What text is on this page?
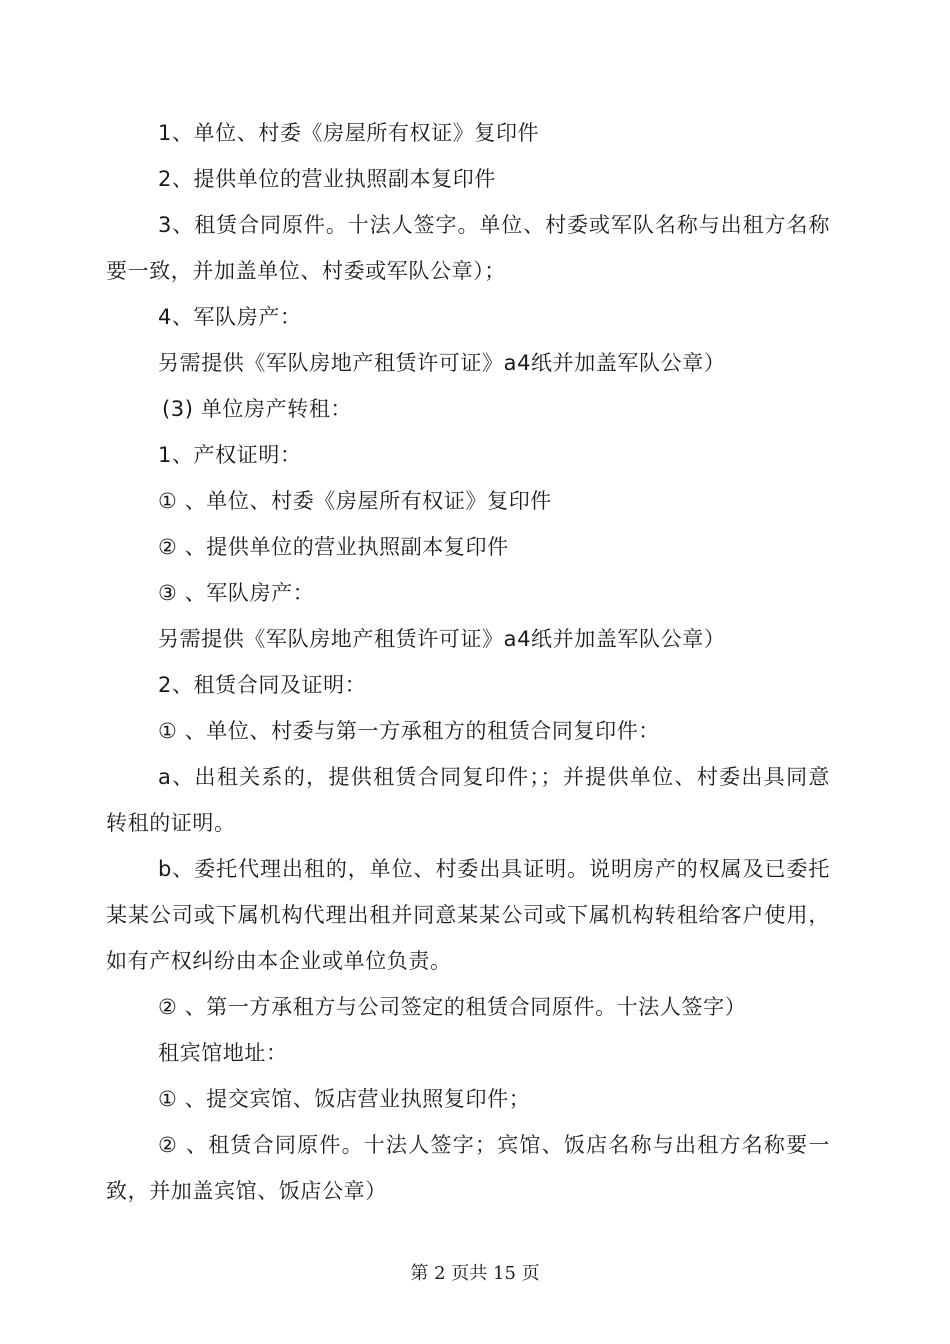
1、单位、村委《房屋所有权证》复印件

2、提供单位的营业执照副本复印件

3、租赁合同原件。十法人签字。单位、村委或军队名称与出租方名称要一致，并加盖单位、村委或军队公章）；

4、军队房产：

另需提供《军队房地产租赁许可证》a4纸并加盖军队公章）

(3) 单位房产转租：

1、产权证明：

① 、单位、村委《房屋所有权证》复印件

② 、提供单位的营业执照副本复印件

③ 、军队房产：

另需提供《军队房地产租赁许可证》a4纸并加盖军队公章）

2、租赁合同及证明：

① 、单位、村委与第一方承租方的租赁合同复印件：

a、出租关系的，提供租赁合同复印件；；并提供单位、村委出具同意转租的证明。

b、委托代理出租的，单位、村委出具证明。说明房产的权属及已委托某某公司或下属机构代理出租并同意某某公司或下属机构转租给客户使用，如有产权纠纷由本企业或单位负责。

② 、第一方承租方与公司签定的租赁合同原件。十法人签字）

租宾馆地址：

① 、提交宾馆、饭店营业执照复印件；

② 、租赁合同原件。十法人签字；宾馆、饭店名称与出租方名称要一致，并加盖宾馆、饭店公章）

第 2 页共 15 页
